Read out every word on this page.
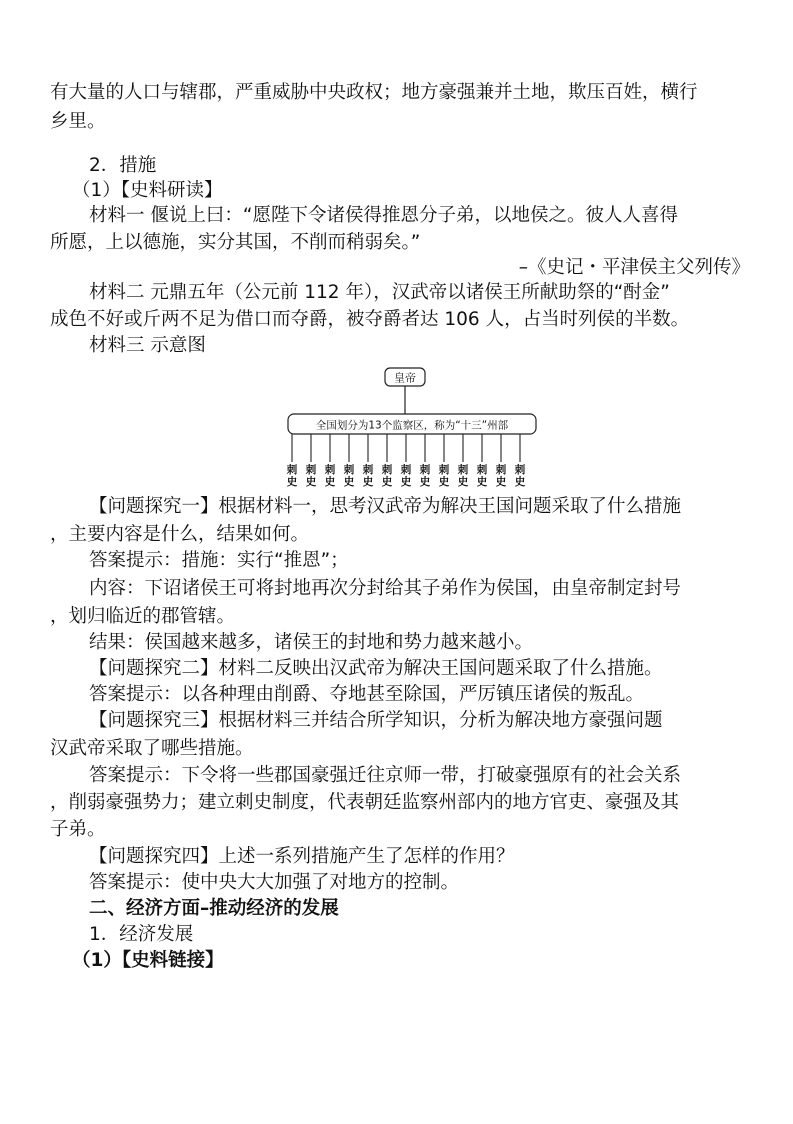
有大量的人口与辖郡，严重威胁中央政权；地方豪强兼并土地，欺压百姓，横行
乡里。
2．措施
（1）【史料研读】
材料一 偃说上曰：“愿陛下令诸侯得推恩分子弟，以地侯之。彼人人喜得
所愿，上以德施，实分其国，不削而稍弱矣。”
–《史记・平津侯主父列传》
材料二 元鼎五年（公元前 112 年），汉武帝以诸侯王所献助祭的“酎金”
成色不好或斤两不足为借口而夺爵，被夺爵者达 106 人，占当时列侯的半数。
材料三 示意图
皇帝
全国划分为13个监察区，称为“十三”州部
刺
史
刺
史
刺
史
刺
史
刺
史
刺
史
刺
史
刺
史
刺
史
刺
史
刺
史
刺
史
刺
史
【问题探究一】根据材料一，思考汉武帝为解决王国问题采取了什么措施
，主要内容是什么，结果如何。
答案提示：措施：实行“推恩”；
内容：下诏诸侯王可将封地再次分封给其子弟作为侯国，由皇帝制定封号
，划归临近的郡管辖。
结果：侯国越来越多，诸侯王的封地和势力越来越小。
【问题探究二】材料二反映出汉武帝为解决王国问题采取了什么措施。
答案提示：以各种理由削爵、夺地甚至除国，严厉镇压诸侯的叛乱。
【问题探究三】根据材料三并结合所学知识，分析为解决地方豪强问题
汉武帝采取了哪些措施。
答案提示：下令将一些郡国豪强迁往京师一带，打破豪强原有的社会关系
，削弱豪强势力；建立刺史制度，代表朝廷监察州部内的地方官吏、豪强及其
子弟。
【问题探究四】上述一系列措施产生了怎样的作用？
答案提示：使中央大大加强了对地方的控制。
二、经济方面–推动经济的发展
1．经济发展
（1）【史料链接】
